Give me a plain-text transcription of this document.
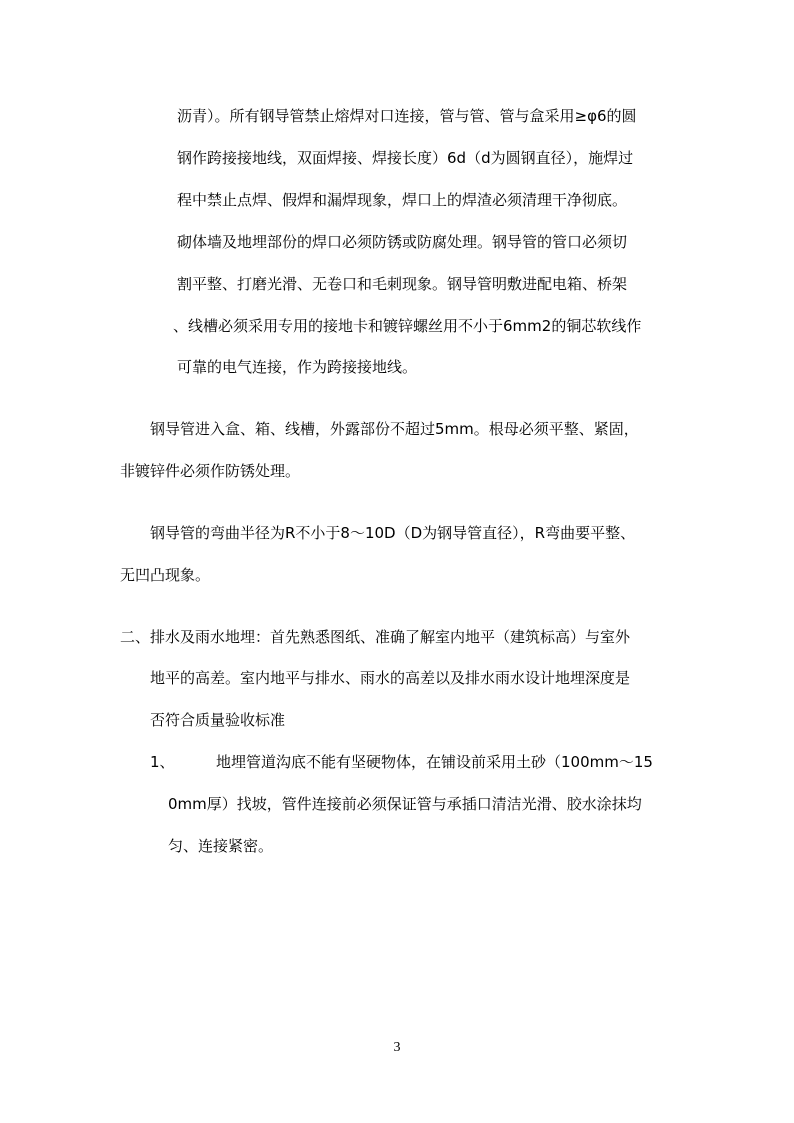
沥青）。所有钢导管禁止熔焊对口连接，管与管、管与盒采用≥φ6的圆
钢作跨接接地线，双面焊接、焊接长度）6d（d为圆钢直径），施焊过
程中禁止点焊、假焊和漏焊现象，焊口上的焊渣必须清理干净彻底。
砌体墙及地埋部份的焊口必须防锈或防腐处理。钢导管的管口必须切
割平整、打磨光滑、无卷口和毛刺现象。钢导管明敷进配电箱、桥架
、线槽必须采用专用的接地卡和镀锌螺丝用不小于6mm2的铜芯软线作
可靠的电气连接，作为跨接接地线。
钢导管进入盒、箱、线槽，外露部份不超过5mm。根母必须平整、紧固，
非镀锌件必须作防锈处理。
钢导管的弯曲半径为R不小于8～10D（D为钢导管直径），R弯曲要平整、
无凹凸现象。
二、排水及雨水地埋：首先熟悉图纸、准确了解室内地平（建筑标高）与室外
地平的高差。室内地平与排水、雨水的高差以及排水雨水设计地埋深度是
否符合质量验收标准
1、	地埋管道沟底不能有坚硬物体，在铺设前采用土砂（100mm～15
0mm厚）找坡，管件连接前必须保证管与承插口清洁光滑、胶水涂抹均
匀、连接紧密。
3
